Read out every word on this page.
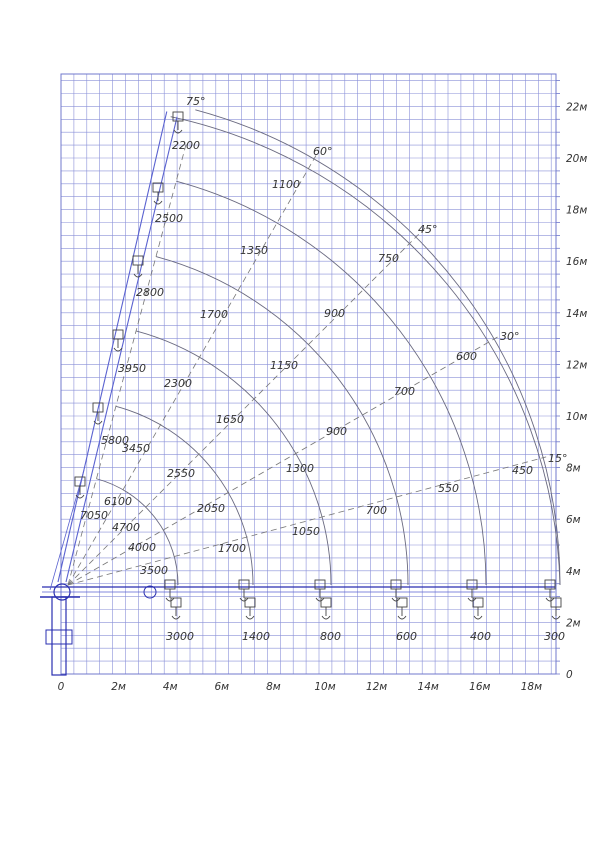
0	2м	4м	6м	8м	10м	12м	14м	16м	18м
0
2м
4м
6м
8м
10м
12м
14м
16м
18м
20м
22м
75°
60°
45°
30°
15°
3000
3500
4000
4700
7050
1400
1700
2050
2550
3450
6100
800
1050
1300
1650
2300
5800
600
700
900
1150
1700
3950
400
550
700
900
1350
2800
300
450
600
750
1100
2500
2200
